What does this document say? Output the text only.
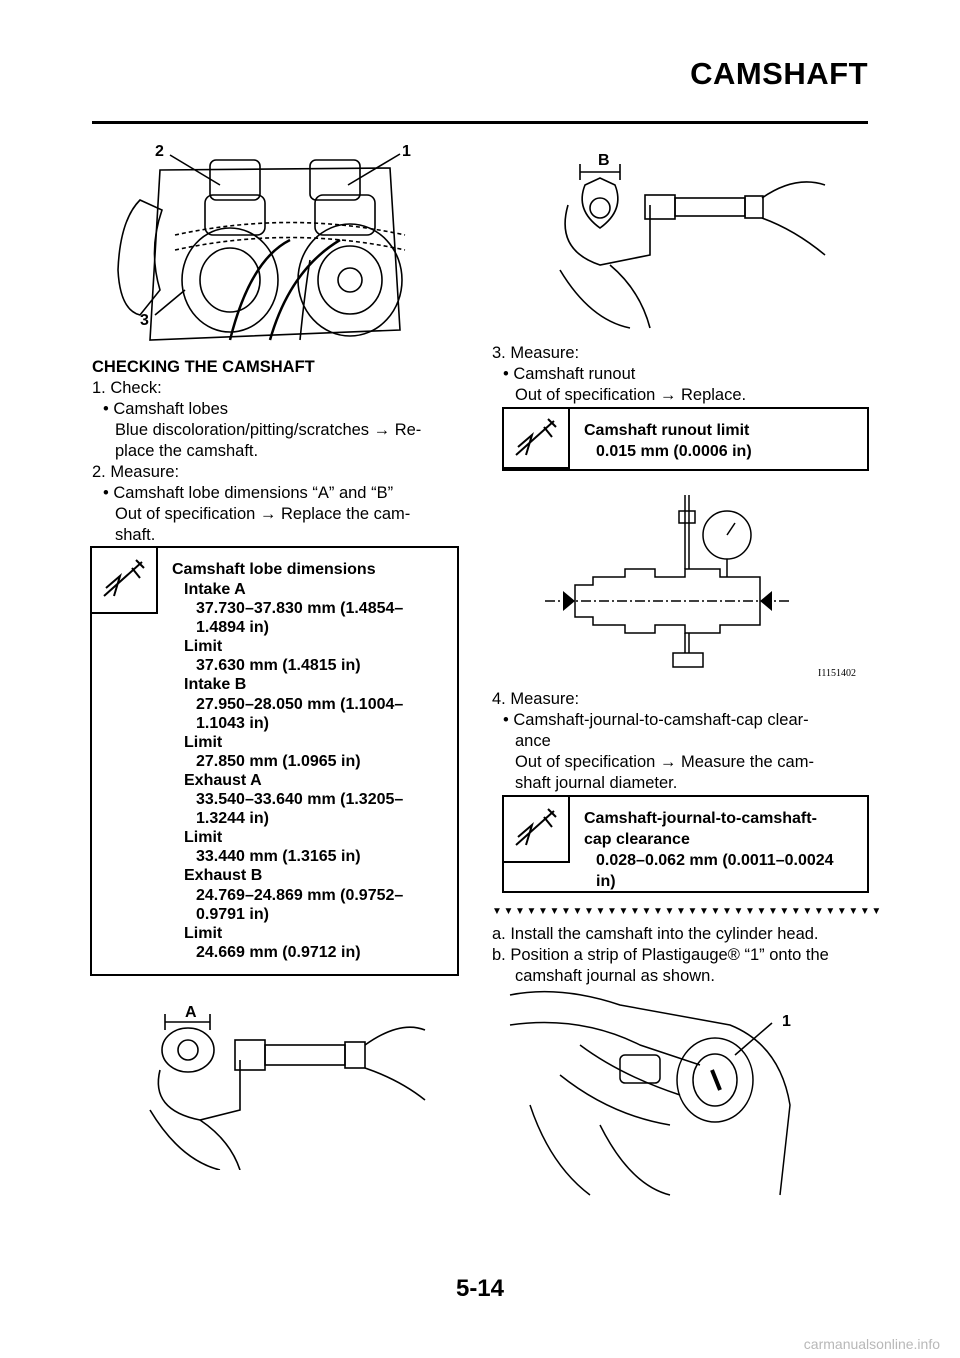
CAMSHAFT
2	1
3
CHECKING THE CAMSHAFT
1. Check:
• Camshaft lobes
Blue discoloration/pitting/scratches → Re-
place the camshaft.
2. Measure:
• Camshaft lobe dimensions “A” and “B”
Out of specification → Replace the cam-
shaft.
Camshaft lobe dimensions
Intake A
37.730–37.830 mm (1.4854–
1.4894 in)
Limit
37.630 mm (1.4815 in)
Intake B
27.950–28.050 mm (1.1004–
1.1043 in)
Limit
27.850 mm (1.0965 in)
Exhaust A
33.540–33.640 mm (1.3205–
1.3244 in)
Limit
33.440 mm (1.3165 in)
Exhaust B
24.769–24.869 mm (0.9752–
0.9791 in)
Limit
24.669 mm (0.9712 in)
A
B
3. Measure:
• Camshaft runout
Out of specification → Replace.
Camshaft runout limit
0.015 mm (0.0006 in)
I1151402
4. Measure:
• Camshaft-journal-to-camshaft-cap clear-
ance
Out of specification → Measure the cam-
shaft journal diameter.
Camshaft-journal-to-camshaft-
cap clearance
0.028–0.062 mm (0.0011–0.0024
in)
▼▼▼▼▼▼▼▼▼▼▼▼▼▼▼▼▼▼▼▼▼▼▼▼▼▼▼▼▼▼▼▼▼▼
a. Install the camshaft into the cylinder head.
b. Position a strip of Plastigauge® “1” onto the
camshaft journal as shown.
1
5-14
carmanualsonline.info
